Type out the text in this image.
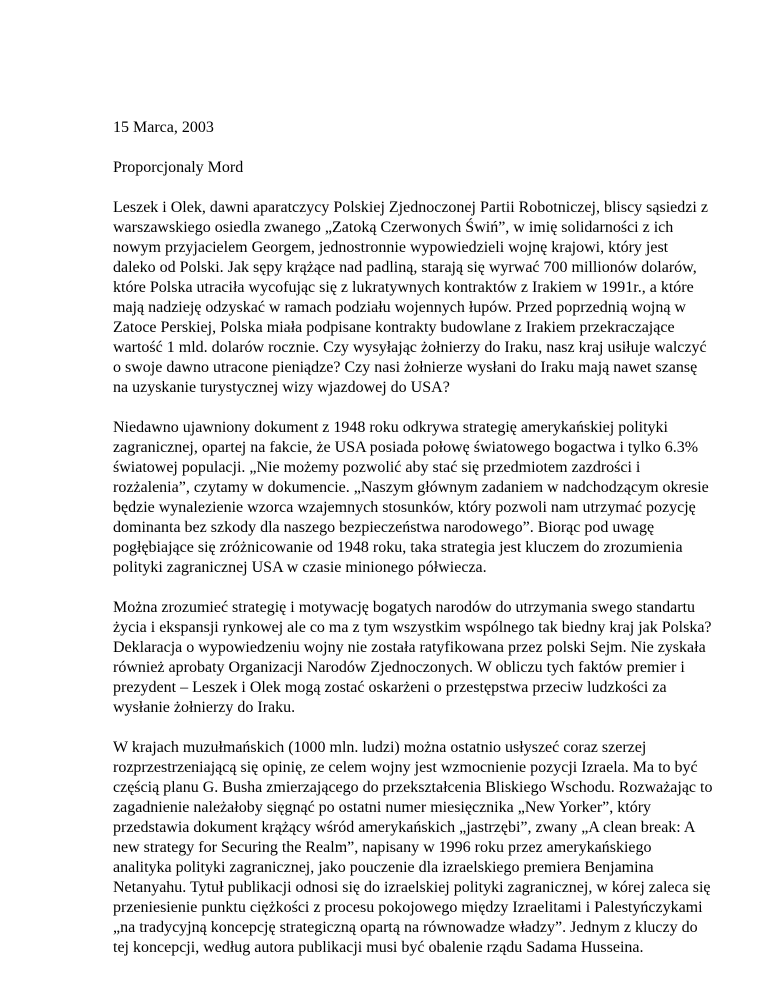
15 Marca, 2003

Proporcjonaly Mord

Leszek i Olek, dawni aparatczycy Polskiej Zjednoczonej Partii Robotniczej, bliscy sąsiedzi z warszawskiego osiedla zwanego „Zatoką Czerwonych Świń”, w imię solidarności z ich nowym przyjacielem Georgem, jednostronnie wypowiedzieli wojnę krajowi, który jest daleko od Polski. Jak sępy krążące nad padliną, starają się wyrwać 700 millionów dolarów, które Polska utraciła wycofując się z lukratywnych kontraktów z Irakiem w 1991r., a które mają nadzieję odzyskać w ramach podziału wojennych łupów. Przed poprzednią wojną w Zatoce Perskiej, Polska miała podpisane kontrakty budowlane z Irakiem przekraczające wartość 1 mld. dolarów rocznie. Czy wysyłając żołnierzy do Iraku, nasz kraj usiłuje walczyć o swoje dawno utracone pieniądze? Czy nasi żołnierze wysłani do Iraku mają nawet szansę na uzyskanie turystycznej wizy wjazdowej do USA?

Niedawno ujawniony dokument z 1948 roku odkrywa strategię amerykańskiej polityki zagranicznej, opartej na fakcie, że USA posiada połowę światowego bogactwa i tylko 6.3% światowej populacji. „Nie możemy pozwolić aby stać się przedmiotem zazdrości i rozżalenia”, czytamy w dokumencie. „Naszym głównym zadaniem w nadchodzącym okresie będzie wynalezienie wzorca wzajemnych stosunków, który pozwoli nam utrzymać pozycję dominanta bez szkody dla naszego bezpieczeństwa narodowego”. Biorąc pod uwagę pogłębiające się zróżnicowanie od 1948 roku, taka strategia jest kluczem do zrozumienia polityki zagranicznej USA w czasie minionego półwiecza.

Można zrozumieć strategię i motywację bogatych narodów do utrzymania swego standartu życia i ekspansji rynkowej ale co ma z tym wszystkim wspólnego tak biedny kraj jak Polska? Deklaracja o wypowiedzeniu wojny nie została ratyfikowana przez polski Sejm. Nie zyskała również aprobaty Organizacji Narodów Zjednoczonych. W obliczu tych faktów premier i prezydent – Leszek i Olek mogą zostać oskarżeni o przestępstwa przeciw ludzkości za wysłanie żołnierzy do Iraku.

W krajach muzułmańskich (1000 mln. ludzi) można ostatnio usłyszeć coraz szerzej rozprzestrzeniającą się opinię, ze celem wojny jest wzmocnienie pozycji Izraela. Ma to być częścią planu G. Busha zmierzającego do przekształcenia Bliskiego Wschodu. Rozważając to zagadnienie należałoby sięgnąć po ostatni numer miesięcznika „New Yorker”, który przedstawia dokument krążący wśród amerykańskich „jastrzębi”, zwany „A clean break: A new strategy for Securing the Realm”, napisany w 1996 roku przez amerykańskiego analityka polityki zagranicznej, jako pouczenie dla izraelskiego premiera Benjamina Netanyahu. Tytuł publikacji odnosi się do izraelskiej polityki zagranicznej, w kórej zaleca się przeniesienie punktu ciężkości z procesu pokojowego między Izraelitami i Palestyńczykami „na tradycyjną koncepcję strategiczną opartą na równowadze władzy”. Jednym z kluczy do tej koncepcji, według autora publikacji musi być obalenie rządu Sadama Husseina.
